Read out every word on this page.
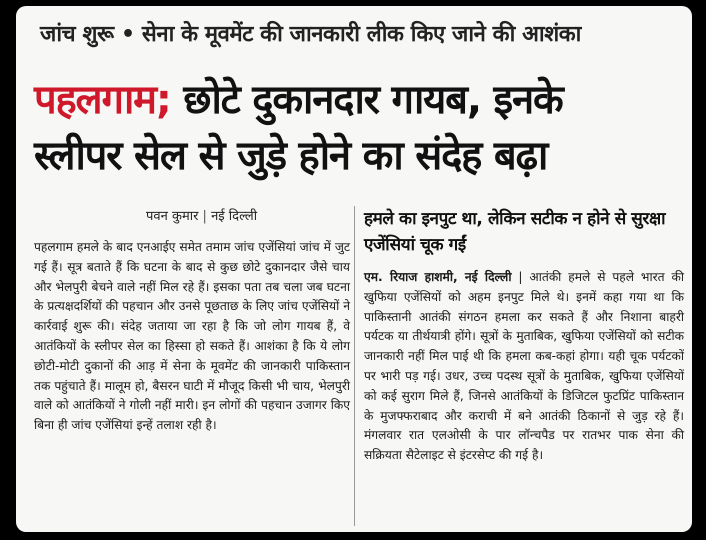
जांच शुरू • सेना के मूवमेंट की जानकारी लीक किए जाने की आशंका
पहलगाम; छोटे दुकानदार गायब, इनके
स्लीपर सेल से जुड़े होने का संदेह बढ़ा
पवन कुमार | नई दिल्ली
पहलगाम हमले के बाद एनआईए समेत तमाम जांच एजेंसियां जांच में जुट गई हैं। सूत्र बताते हैं कि घटना के बाद से कुछ छोटे दुकानदार जैसे चाय और भेलपुरी बेचने वाले नहीं मिल रहे हैं। इसका पता तब चला जब घटना के प्रत्यक्षदर्शियों की पहचान और उनसे पूछताछ के लिए जांच एजेंसियों ने कार्रवाई शुरू की। संदेह जताया जा रहा है कि जो लोग गायब हैं, वे आतंकियों के स्लीपर सेल का हिस्सा हो सकते हैं। आशंका है कि ये लोग छोटी-मोटी दुकानों की आड़ में सेना के मूवमेंट की जानकारी पाकिस्तान तक पहुंचाते हैं। मालूम हो, बैसरन घाटी में मौजूद किसी भी चाय, भेलपुरी वाले को आतंकियों ने गोली नहीं मारी। इन लोगों की पहचान उजागर किए बिना ही जांच एजेंसियां इन्हें तलाश रही है।
हमले का इनपुट था, लेकिन सटीक न होने से सुरक्षा एजेंसियां चूक गईं
एम. रियाज हाशमी, नई दिल्ली | आतंकी हमले से पहले भारत की खुफिया एजेंसियों को अहम इनपुट मिले थे। इनमें कहा गया था कि पाकिस्तानी आतंकी संगठन हमला कर सकते हैं और निशाना बाहरी पर्यटक या तीर्थयात्री होंगे। सूत्रों के मुताबिक, खुफिया एजेंसियों को सटीक जानकारी नहीं मिल पाई थी कि हमला कब-कहां होगा। यही चूक पर्यटकों पर भारी पड़ गई। उधर, उच्च पदस्थ सूत्रों के मुताबिक, खुफिया एजेंसियों को कई सुराग मिले हैं, जिनसे आतंकियों के डिजिटल फुटप्रिंट पाकिस्तान के मुजफ्फराबाद और कराची में बने आतंकी ठिकानों से जुड़ रहे हैं। मंगलवार रात एलओसी के पार लॉन्चपैड पर रातभर पाक सेना की सक्रियता सैटेलाइट से इंटरसेप्ट की गई है।
